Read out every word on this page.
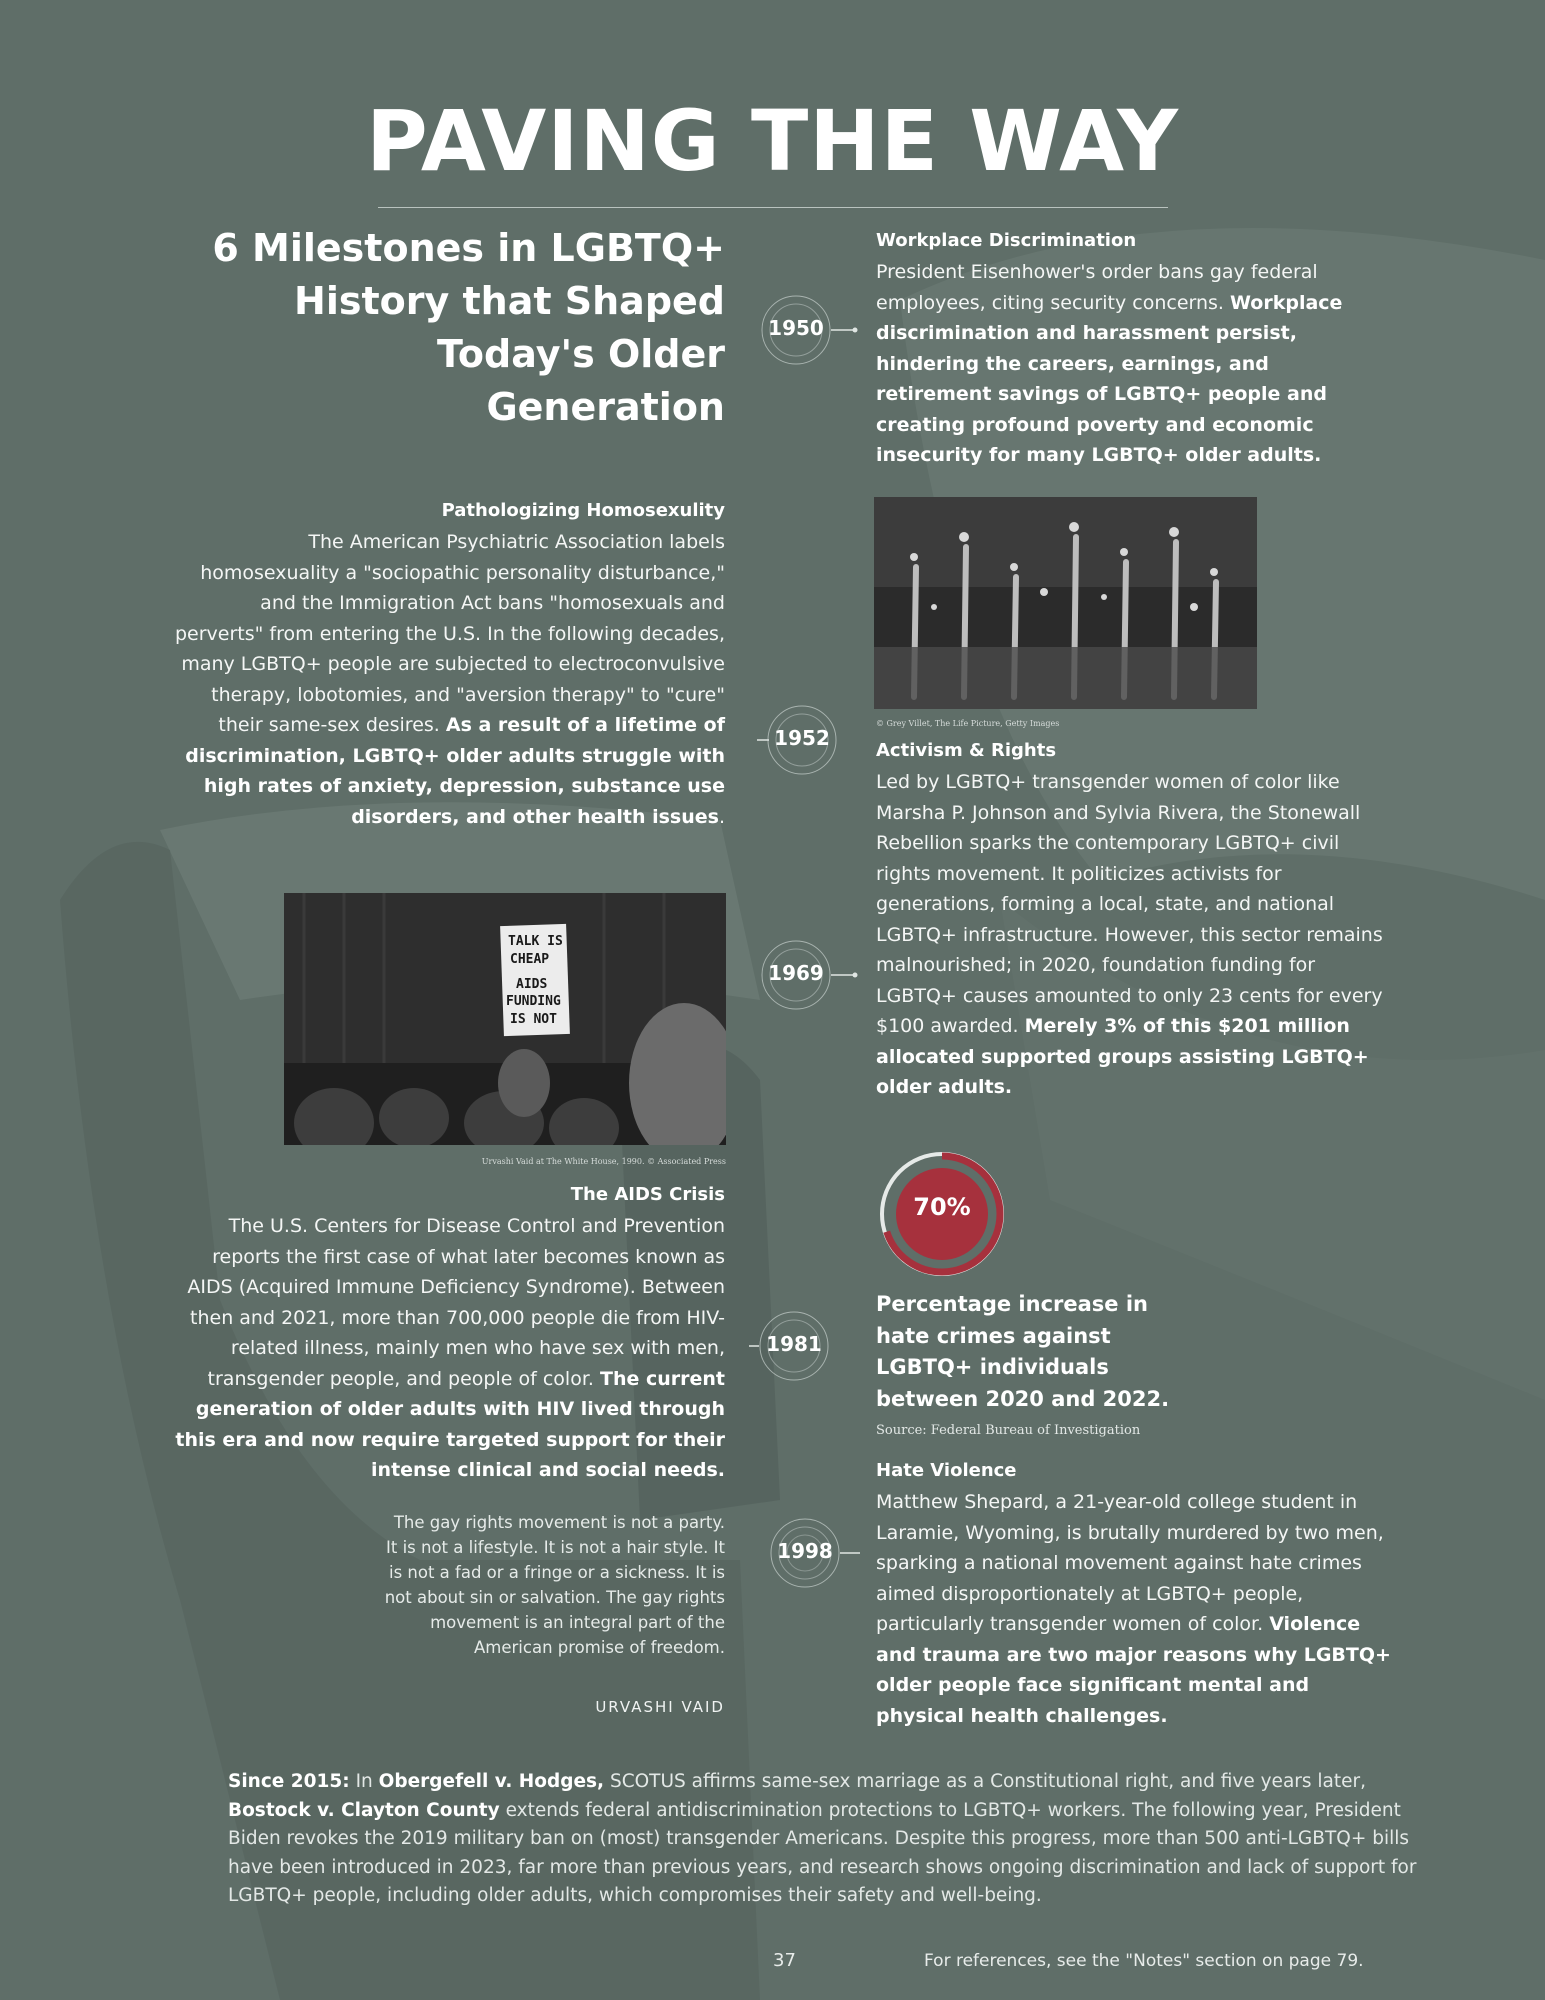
PAVING THE WAY
6 Milestones in LGBTQ+ History that Shaped Today's Older Generation

Workplace Discrimination

President Eisenhower's order bans gay federal employees, citing security concerns. Workplace discrimination and harassment persist, hindering the careers, earnings, and retirement savings of LGBTQ+ people and creating profound poverty and economic insecurity for many LGBTQ+ older adults.

Pathologizing Homosexulity

The American Psychiatric Association labels homosexuality a "sociopathic personality disturbance," and the Immigration Act bans "homosexuals and perverts" from entering the U.S. In the following decades, many LGBTQ+ people are subjected to electroconvulsive therapy, lobotomies, and "aversion therapy" to "cure" their same-sex desires. As a result of a lifetime of discrimination, LGBTQ+ older adults struggle with high rates of anxiety, depression, substance use disorders, and other health issues.

© Grey Villet, The Life Picture, Getty Images

Activism & Rights

Led by LGBTQ+ transgender women of color like Marsha P. Johnson and Sylvia Rivera, the Stonewall Rebellion sparks the contemporary LGBTQ+ civil rights movement. It politicizes activists for generations, forming a local, state, and national LGBTQ+ infrastructure. However, this sector remains malnourished; in 2020, foundation funding for LGBTQ+ causes amounted to only 23 cents for every $100 awarded. Merely 3% of this $201 million allocated supported groups assisting LGBTQ+ older adults.

TALK IS
CHEAP
AIDS
FUNDING
IS NOT
Urvashi Vaid at The White House, 1990. © Associated Press

The AIDS Crisis

The U.S. Centers for Disease Control and Prevention reports the first case of what later becomes known as AIDS (Acquired Immune Deficiency Syndrome). Between then and 2021, more than 700,000 people die from HIV-related illness, mainly men who have sex with men, transgender people, and people of color. The current generation of older adults with HIV lived through this era and now require targeted support for their intense clinical and social needs.

70%
Percentage increase in hate crimes against LGBTQ+ individuals between 2020 and 2022.
Source: Federal Bureau of Investigation

Hate Violence

Matthew Shepard, a 21-year-old college student in Laramie, Wyoming, is brutally murdered by two men, sparking a national movement against hate crimes aimed disproportionately at LGBTQ+ people, particularly transgender women of color. Violence and trauma are two major reasons why LGBTQ+ older people face significant mental and physical health challenges.

The gay rights movement is not a party. It is not a lifestyle. It is not a hair style. It is not a fad or a fringe or a sickness. It is not about sin or salvation. The gay rights movement is an integral part of the American promise of freedom.
URVASHI VAID
1950
1952
1969
1981
1998
Since 2015: In Obergefell v. Hodges, SCOTUS affirms same-sex marriage as a Constitutional right, and five years later, Bostock v. Clayton County extends federal antidiscrimination protections to LGBTQ+ workers. The following year, President Biden revokes the 2019 military ban on (most) transgender Americans. Despite this progress, more than 500 anti-LGBTQ+ bills have been introduced in 2023, far more than previous years, and research shows ongoing discrimination and lack of support for LGBTQ+ people, including older adults, which compromises their safety and well-being.
37	For references, see the "Notes" section on page 79.
